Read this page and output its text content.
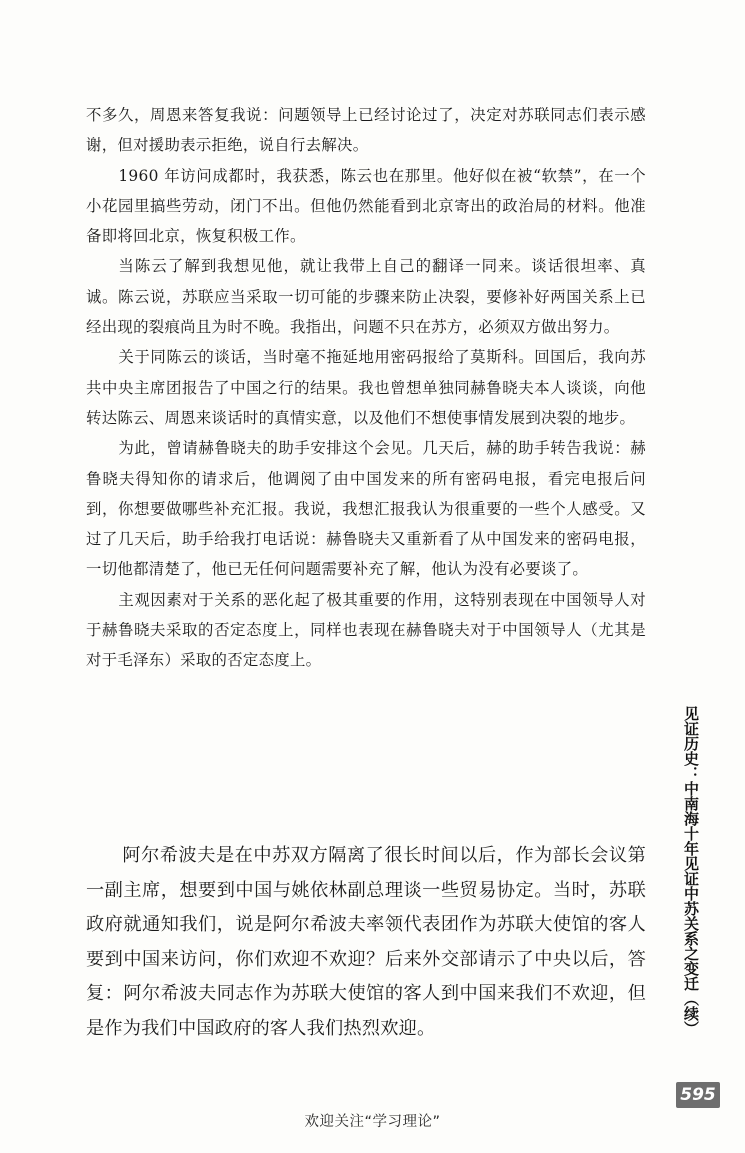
不多久，周恩来答复我说：问题领导上已经讨论过了，决定对苏联同志们表示感谢，但对援助表示拒绝，说自行去解决。

1960 年访问成都时，我获悉，陈云也在那里。他好似在被“软禁”，在一个小花园里搞些劳动，闭门不出。但他仍然能看到北京寄出的政治局的材料。他准备即将回北京，恢复积极工作。

当陈云了解到我想见他，就让我带上自己的翻译一同来。谈话很坦率、真诚。陈云说，苏联应当采取一切可能的步骤来防止决裂，要修补好两国关系上已经出现的裂痕尚且为时不晚。我指出，问题不只在苏方，必须双方做出努力。

关于同陈云的谈话，当时毫不拖延地用密码报给了莫斯科。回国后，我向苏共中央主席团报告了中国之行的结果。我也曾想单独同赫鲁晓夫本人谈谈，向他转达陈云、周恩来谈话时的真情实意，以及他们不想使事情发展到决裂的地步。

为此，曾请赫鲁晓夫的助手安排这个会见。几天后，赫的助手转告我说：赫鲁晓夫得知你的请求后，他调阅了由中国发来的所有密码电报，看完电报后问到，你想要做哪些补充汇报。我说，我想汇报我认为很重要的一些个人感受。又过了几天后，助手给我打电话说：赫鲁晓夫又重新看了从中国发来的密码电报，一切他都清楚了，他已无任何问题需要补充了解，他认为没有必要谈了。

主观因素对于关系的恶化起了极其重要的作用，这特别表现在中国领导人对于赫鲁晓夫采取的否定态度上，同样也表现在赫鲁晓夫对于中国领导人（尤其是对于毛泽东）采取的否定态度上。

阿尔希波夫是在中苏双方隔离了很长时间以后，作为部长会议第一副主席，想要到中国与姚依林副总理谈一些贸易协定。当时，苏联政府就通知我们，说是阿尔希波夫率领代表团作为苏联大使馆的客人要到中国来访问，你们欢迎不欢迎？后来外交部请示了中央以后，答复：阿尔希波夫同志作为苏联大使馆的客人到中国来我们不欢迎，但是作为我们中国政府的客人我们热烈欢迎。	见证历史：中南海十年见证中苏关系之变迁（续）
595
欢迎关注“学习理论”
